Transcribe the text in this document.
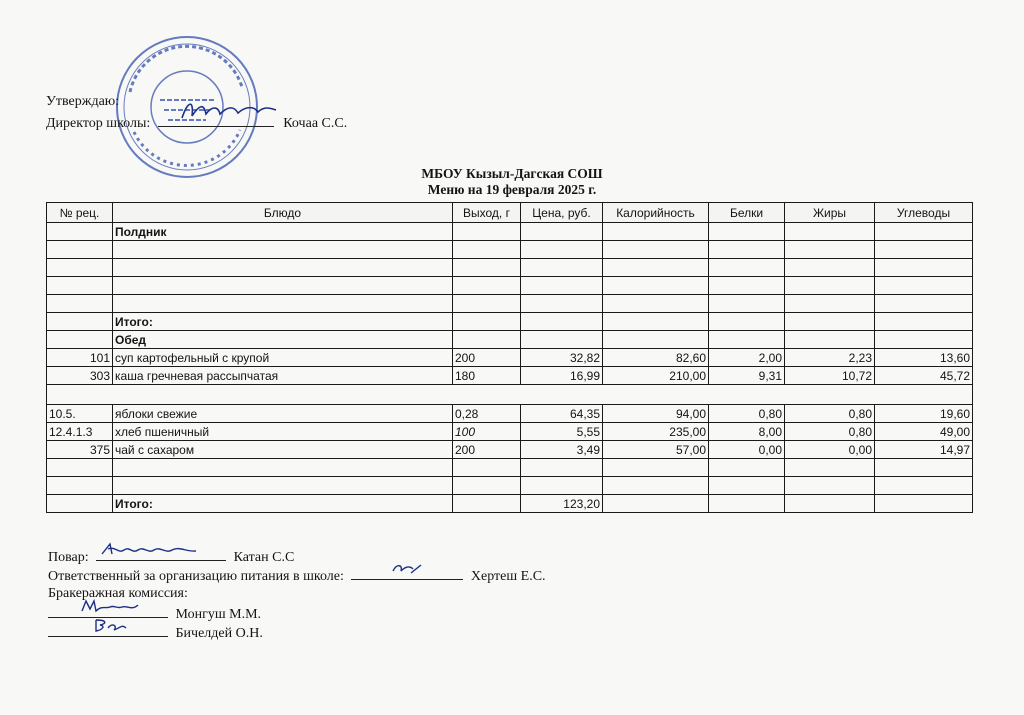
Утверждаю:
Директор школы:	Кочаа С.С.
МБОУ Кызыл-Дагская СОШ
Меню на 19 февраля 2025 г.
№ рец.	Блюдо	Выход, г	Цена, руб.	Калорийность	Белки	Жиры	Углеводы
	Полдник						

	Итого:						
	Обед						
101	суп картофельный с крупой	200	32,82	82,60	2,00	2,23	13,60
303	каша гречневая рассыпчатая	180	16,99	210,00	9,31	10,72	45,72

10.5.	яблоки свежие	0,28	64,35	94,00	0,80	0,80	19,60
12.4.1.3	хлеб пшеничный	100	5,55	235,00	8,00	0,80	49,00
375	чай с сахаром	200	3,49	57,00	0,00	0,00	14,97

	Итого:		123,20				
Повар:	Катан С.С
Ответственный за организацию питания в школе:	Хертеш Е.С.
Бракеражная комиссия:
Монгуш М.М.
Бичелдей О.Н.
